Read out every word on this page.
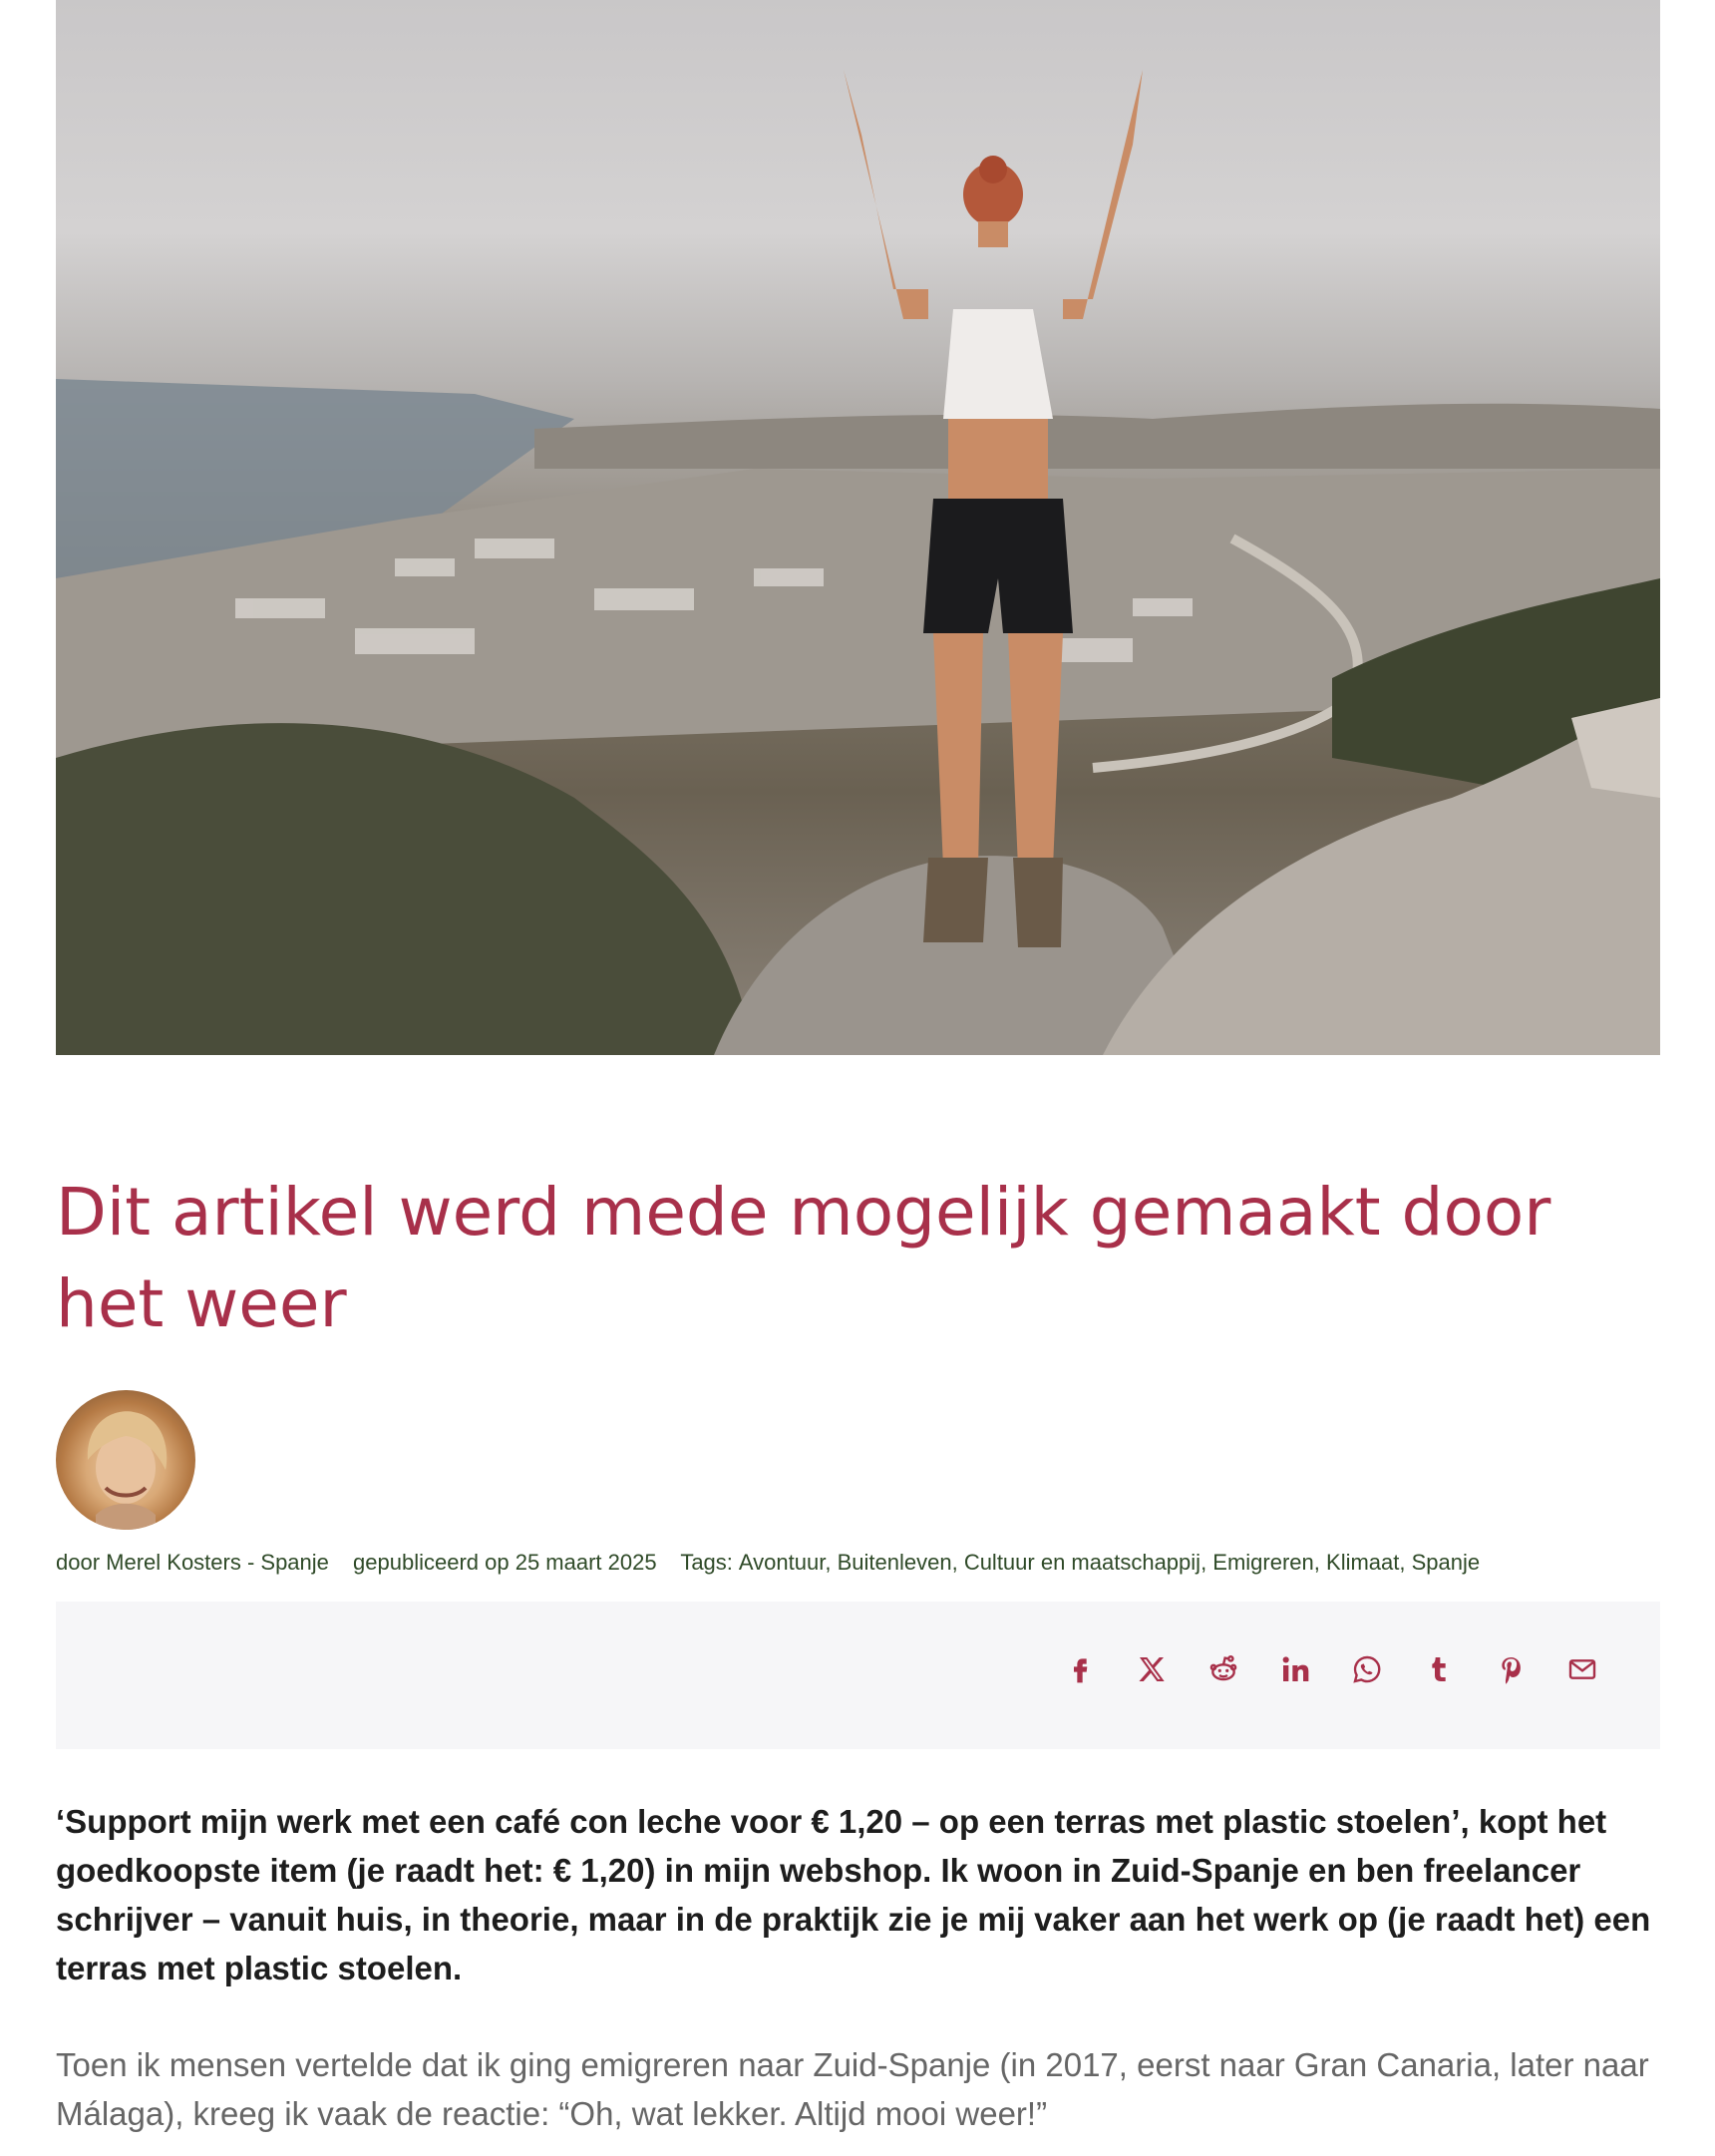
Dit artikel werd mede mogelijk gemaakt door het weer
door Merel Kosters - Spanje gepubliceerd op 25 maart 2025 Tags: Avontuur, Buitenleven, Cultuur en maatschappij, Emigreren, Klimaat, Spanje

‘Support mijn werk met een café con leche voor € 1,20 – op een terras met plastic stoelen’, kopt het goedkoopste item (je raadt het: € 1,20) in mijn webshop. Ik woon in Zuid-Spanje en ben freelancer schrijver – vanuit huis, in theorie, maar in de praktijk zie je mij vaker aan het werk op (je raadt het) een terras met plastic stoelen.

Toen ik mensen vertelde dat ik ging emigreren naar Zuid-Spanje (in 2017, eerst naar Gran Canaria, later naar Málaga), kreeg ik vaak de reactie: “Oh, wat lekker. Altijd mooi weer!”
